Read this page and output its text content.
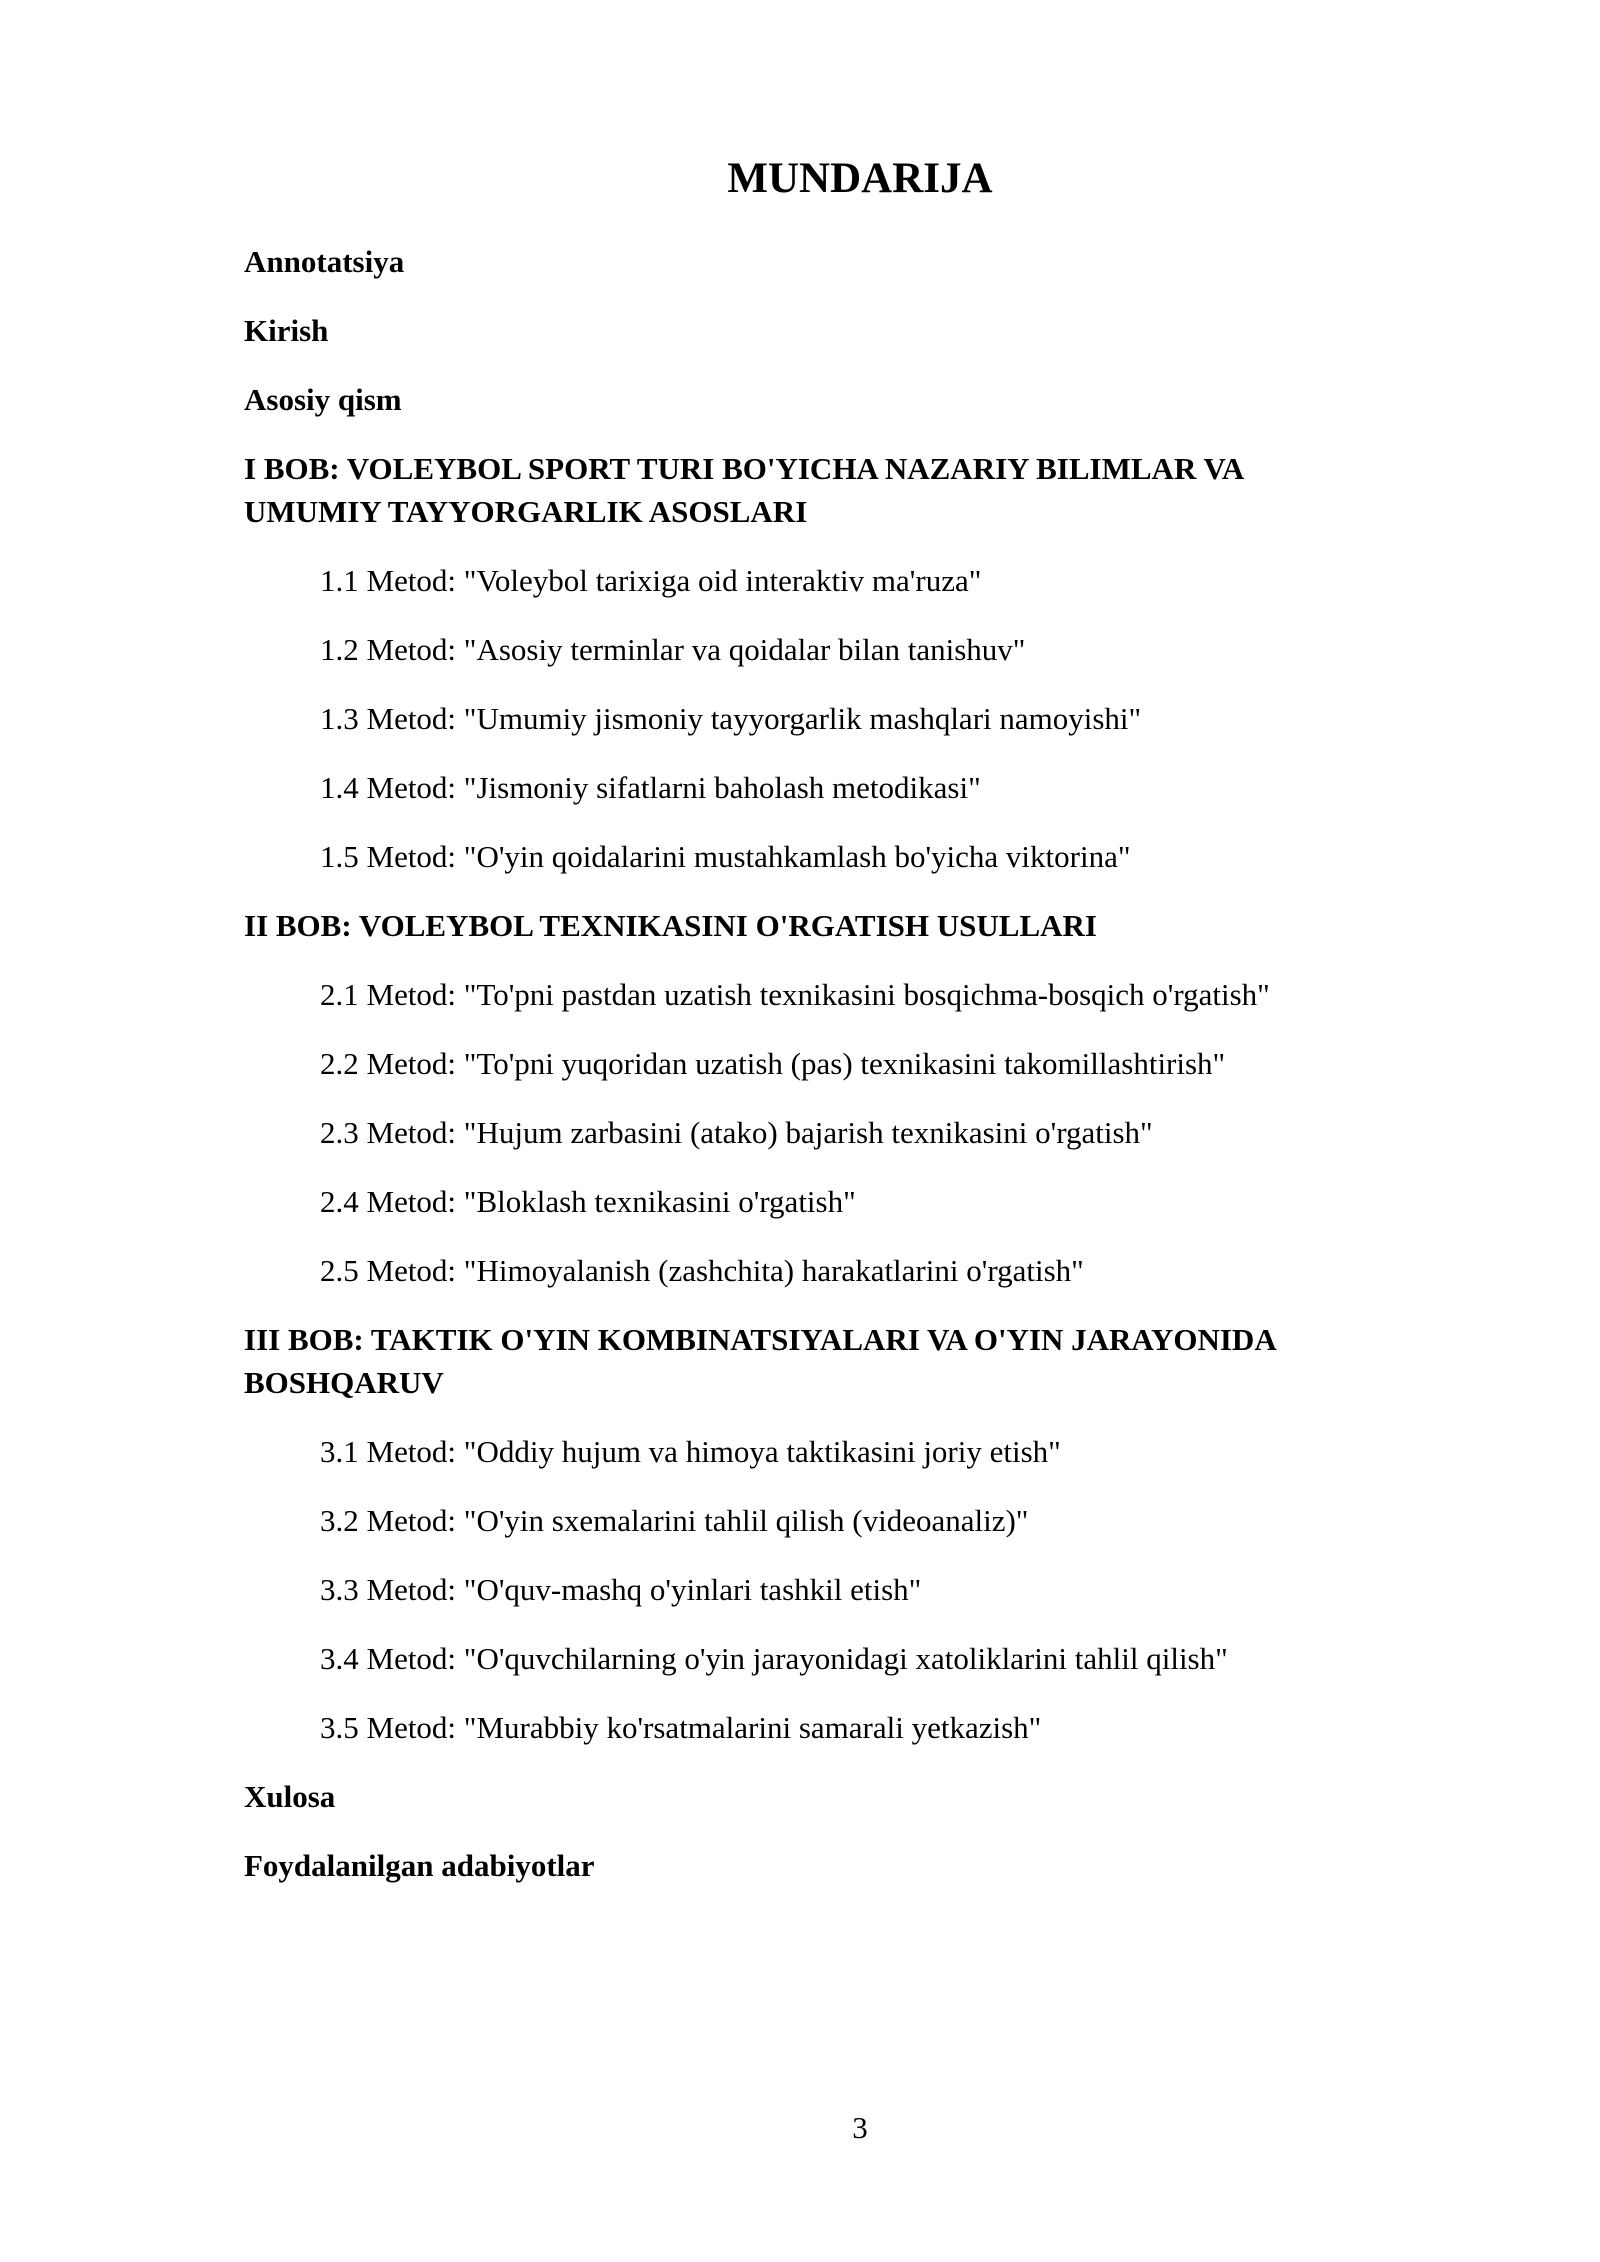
MUNDARIJA

Annotatsiya

Kirish

Asosiy qism

I BOB: VOLEYBOL SPORT TURI BO'YICHA NAZARIY BILIMLAR VA UMUMIY TAYYORGARLIK ASOSLARI

1.1 Metod: "Voleybol tarixiga oid interaktiv ma'ruza"

1.2 Metod: "Asosiy terminlar va qoidalar bilan tanishuv"

1.3 Metod: "Umumiy jismoniy tayyorgarlik mashqlari namoyishi"

1.4 Metod: "Jismoniy sifatlarni baholash metodikasi"

1.5 Metod: "O'yin qoidalarini mustahkamlash bo'yicha viktorina"

II BOB: VOLEYBOL TEXNIKASINI O'RGATISH USULLARI

2.1 Metod: "To'pni pastdan uzatish texnikasini bosqichma-bosqich o'rgatish"

2.2 Metod: "To'pni yuqoridan uzatish (pas) texnikasini takomillashtirish"

2.3 Metod: "Hujum zarbasini (atako) bajarish texnikasini o'rgatish"

2.4 Metod: "Bloklash texnikasini o'rgatish"

2.5 Metod: "Himoyalanish (zashchita) harakatlarini o'rgatish"

III BOB: TAKTIK O'YIN KOMBINATSIYALARI VA O'YIN JARAYONIDA BOSHQARUV

3.1 Metod: "Oddiy hujum va himoya taktikasini joriy etish"

3.2 Metod: "O'yin sxemalarini tahlil qilish (videoanaliz)"

3.3 Metod: "O'quv-mashq o'yinlari tashkil etish"

3.4 Metod: "O'quvchilarning o'yin jarayonidagi xatoliklarini tahlil qilish"

3.5 Metod: "Murabbiy ko'rsatmalarini samarali yetkazish"

Xulosa

Foydalanilgan adabiyotlar

3
